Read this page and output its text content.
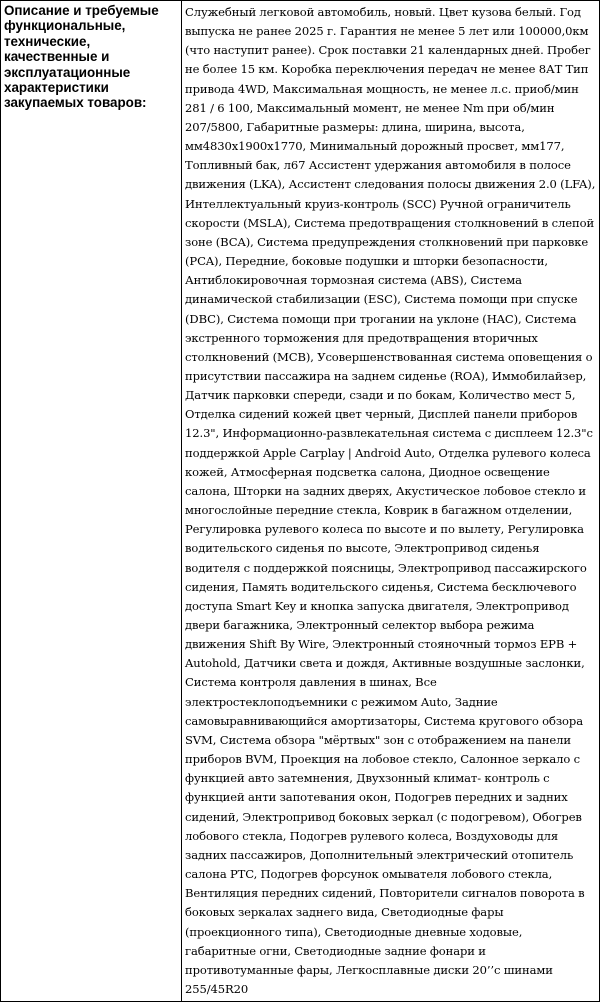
Описание и требуемые функциональные, технические, качественные и эксплуатационные характеристики закупаемых товаров:	Служебный легковой автомобиль, новый. Цвет кузова белый. Год выпуска не ранее 2025 г. Гарантия не менее 5 лет или 100000,0км (что наступит ранее). Срок поставки 21 календарных дней. Пробег не более 15 км. Коробка переключения передач не менее 8АТ Тип привода 4WD, Максимальная мощность, не менее л.с. приоб/мин 281 / 6 100, Максимальный момент, не менее Nm при об/мин 207/5800, Габаритные размеры: длина, ширина, высота, мм4830х1900х1770, Минимальный дорожный просвет, мм177, Топливный бак, л67 Ассистент удержания автомобиля в полосе движения (LKA), Ассистент следования полосы движения 2.0 (LFA), Интеллектуальный круиз-контроль (SCC) Ручной ограничитель скорости (MSLA), Система предотвращения столкновений в слепой зоне (BCA), Система предупреждения столкновений при парковке (PCA), Передние, боковые подушки и шторки безопасности, Антиблокировочная тормозная система (ABS), Система динамической стабилизации (ESC), Система помощи при спуске (DBC), Система помощи при трогании на уклоне (HAC), Система экстренного торможения для предотвращения вторичных столкновений (MCB), Усовершенствованная система оповещения о присутствии пассажира на заднем сиденье (ROA), Иммобилайзер, Датчик парковки спереди, сзади и по бокам, Количество мест 5, Отделка сидений кожей цвет черный, Дисплей панели приборов 12.3", Информационно-развлекательная система с дисплеем 12.3"с поддержкой Apple Carplay | Android Auto, Отделка рулевого колеса кожей, Атмосферная подсветка салона, Диодное освещение салона, Шторки на задних дверях, Акустическое лобовое стекло и многослойные передние стекла, Коврик в багажном отделении, Регулировка рулевого колеса по высоте и по вылету, Регулировка водительского сиденья по высоте, Электропривод сиденья водителя с поддержкой поясницы, Электропривод пассажирского сидения, Память водительского сиденья, Система бесключевого доступа Smart Key и кнопка запуска двигателя, Электропривод двери багажника, Электронный селектор выбора режима движения Shift By Wire, Электронный стояночный тормоз EPB + Autohold, Датчики света и дождя, Активные воздушные заслонки, Система контроля давления в шинах, Все электростеклоподъемники с режимом Auto, Задние самовыравнивающийся амортизаторы, Система кругового обзора SVM, Система обзора "мёртвых" зон с отображением на панели приборов BVM, Проекция на лобовое стекло, Салонное зеркало с функцией авто затемнения, Двухзонный климат- контроль с функцией анти запотевания окон, Подогрев передних и задних сидений, Электропривод боковых зеркал (с подогревом), Обогрев лобового стекла, Подогрев рулевого колеса, Воздуховоды для задних пассажиров, Дополнительный электрический отопитель салона PTC, Подогрев форсунок омывателя лобового стекла, Вентиляция передних сидений, Повторители сигналов поворота в боковых зеркалах заднего вида, Светодиодные фары (проекционного типа), Светодиодные дневные ходовые, габаритные огни, Светодиодные задние фонари и противотуманные фары, Легкосплавные диски 20’’с шинами 255/45R20
